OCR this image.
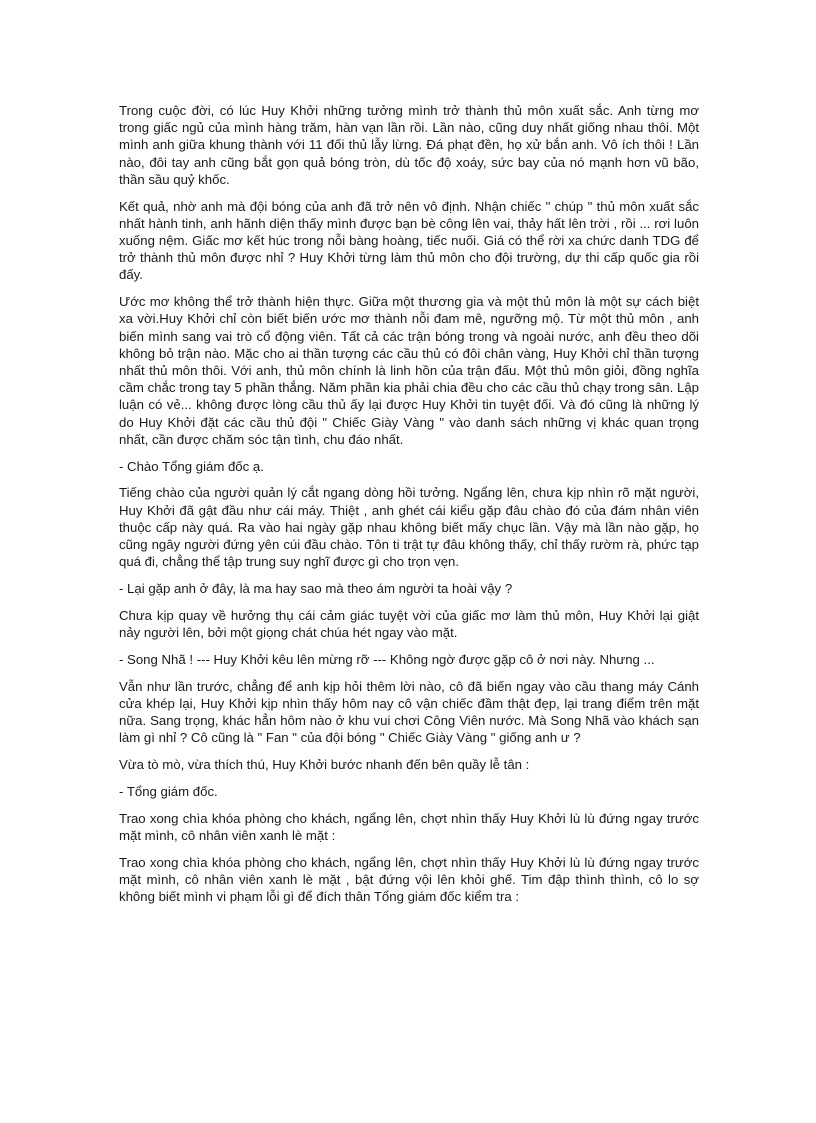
Trong cuộc đời, có lúc Huy Khởi những tưởng mình trở thành thủ môn xuất sắc. Anh từng mơ trong giấc ngủ của mình hàng trăm, hàn vạn lần rồi. Lần nào, cũng duy nhất giống nhau thôi. Một mình anh giữa khung thành với 11 đối thủ lẫy lừng. Đá phạt đền, họ xử bắn anh. Vô ích thôi ! Lần nào, đôi tay anh cũng bắt gọn quả bóng tròn, dù tốc độ xoáy, sức bay của nó mạnh hơn vũ bão, thần sầu quỷ khốc.

Kết quả, nhờ anh mà đội bóng của anh đã trở nên vô định. Nhận chiếc " chúp " thủ môn xuất sắc nhất hành tinh, anh hãnh diện thấy mình được bạn bè công lên vai, thảy hất lên trời , rồi ... rơi luôn xuống nệm. Giấc mơ kết húc trong nỗi bàng hoàng, tiếc nuối. Giá có thể rời xa chức danh TDG để trở thành thủ môn được nhỉ ? Huy Khởi từng làm thủ môn cho đội trường, dự thi cấp quốc gia rồi đấy.

Ước mơ không thể trở thành hiện thực. Giữa một thương gia và một thủ môn là một sự cách biệt xa vời.Huy Khởi chỉ còn biết biến ước mơ thành nỗi đam mê, ngưỡng mộ. Từ một thủ môn , anh biến mình sang vai trò cổ động viên. Tất cả các trận bóng trong và ngoài nước, anh đều theo dõi không bỏ trận nào. Mặc cho ai thần tượng các cầu thủ có đôi chân vàng, Huy Khởi chỉ thần tượng nhất thủ môn thôi. Với anh, thủ môn chính là linh hồn của trận đấu. Một thủ môn giỏi, đồng nghĩa cầm chắc trong tay 5 phần thắng. Năm phần kia phải chia đều cho các cầu thủ chạy trong sân. Lập luận có vẻ... không được lòng cầu thủ ấy lại được Huy Khởi tin tuyệt đối. Và đó cũng là những lý do Huy Khởi đặt các cầu thủ đội " Chiếc Giày Vàng " vào danh sách những vị khác quan trọng nhất, cần được chăm sóc tận tình, chu đáo nhất.

- Chào Tổng giám đốc ạ.

Tiếng chào của người quản lý cắt ngang dòng hồi tưởng. Ngẩng lên, chưa kịp nhìn rõ mặt người, Huy Khởi đã gật đầu như cái máy. Thiệt , anh ghét cái kiểu gặp đâu chào đó của đám nhân viên thuộc cấp này quá. Ra vào hai ngày gặp nhau không biết mấy chục lần. Vậy mà lần nào gặp, họ cũng ngây người đứng yên cúi đầu chào. Tôn ti trật tự đâu không thấy, chỉ thấy rườm rà, phức tạp quá đi, chẳng thể tập trung suy nghĩ được gì cho trọn vẹn.

- Lại gặp anh ở đây, là ma hay sao mà theo ám người ta hoài vậy ?

Chưa kịp quay về hưởng thụ cái cảm giác tuyệt vời của giấc mơ làm thủ môn, Huy Khởi lại giật nảy người lên, bởi một giọng chát chúa hét ngay vào mặt.

- Song Nhã ! --- Huy Khởi kêu lên mừng rỡ --- Không ngờ được gặp cô ở nơi này. Nhưng ...

Vẫn như lần trước, chẳng để anh kịp hỏi thêm lời nào, cô đã biến ngay vào cầu thang máy Cánh cửa khép lại, Huy Khởi kịp nhìn thấy hôm nay cô vận chiếc đầm thật đẹp, lại trang điểm trên mặt nữa. Sang trọng, khác hẳn hôm nào ở khu vui chơi Công Viên nước. Mà Song Nhã vào khách sạn làm gì nhỉ ? Cô cũng là " Fan " của đội bóng " Chiếc Giày Vàng " giống anh ư ?

Vừa tò mò, vừa thích thú, Huy Khởi bước nhanh đến bên quầy lễ tân :

- Tổng giám đốc.

Trao xong chìa khóa phòng cho khách, ngẩng lên, chợt nhìn thấy Huy Khởi lù lù đứng ngay trước mặt mình, cô nhân viên xanh lè mặt :

Trao xong chìa khóa phòng cho khách, ngẩng lên, chợt nhìn thấy Huy Khởi lù lù đứng ngay trước mặt mình, cô nhân viên xanh lè mặt , bật đứng vội lên khỏi ghế. Tim đập thình thình, cô lo sợ không biết mình vi phạm lỗi gì để đích thân Tổng giám đốc kiểm tra :
